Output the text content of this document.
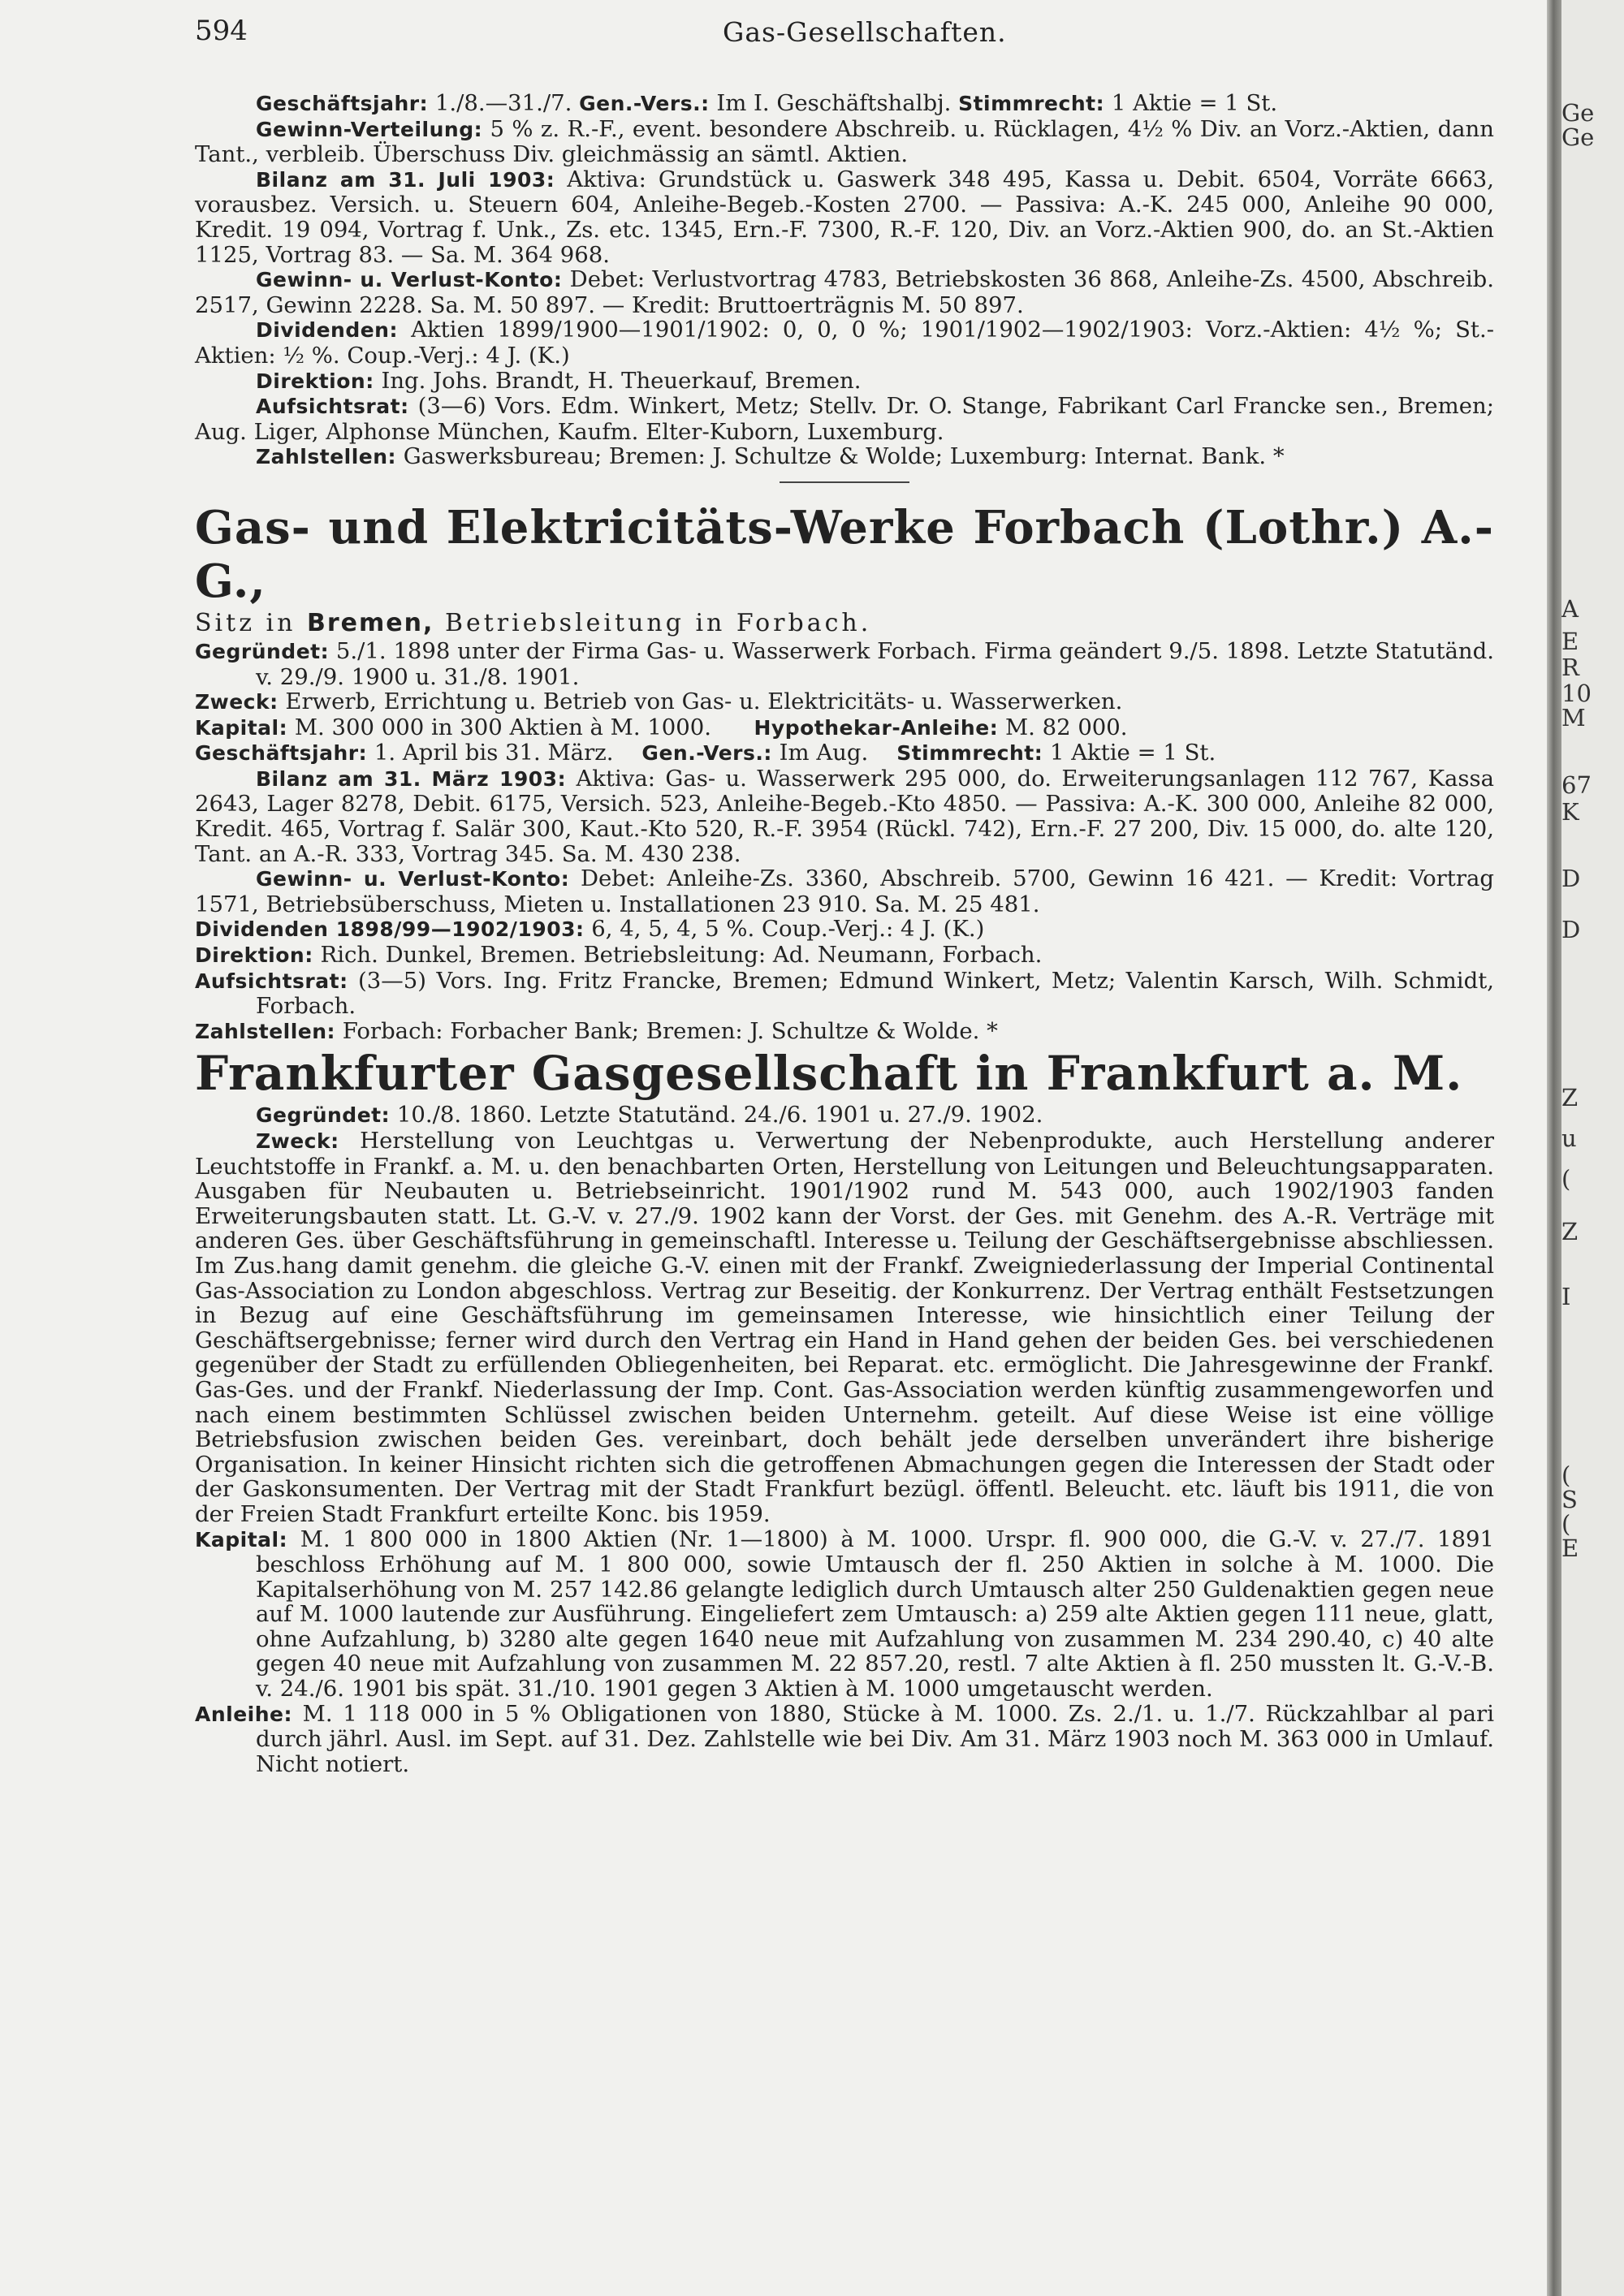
594	Gas-Gesellschaften.

Geschäftsjahr: 1./8.—31./7. Gen.-Vers.: Im I. Geschäftshalbj. Stimmrecht: 1 Aktie = 1 St.

Gewinn-Verteilung: 5 % z. R.-F., event. besondere Abschreib. u. Rücklagen, 4½ % Div. an Vorz.-Aktien, dann Tant., verbleib. Überschuss Div. gleichmässig an sämtl. Aktien.

Bilanz am 31. Juli 1903: Aktiva: Grundstück u. Gaswerk 348 495, Kassa u. Debit. 6504, Vorräte 6663, vorausbez. Versich. u. Steuern 604, Anleihe-Begeb.-Kosten 2700. — Passiva: A.-K. 245 000, Anleihe 90 000, Kredit. 19 094, Vortrag f. Unk., Zs. etc. 1345, Ern.-F. 7300, R.-F. 120, Div. an Vorz.-Aktien 900, do. an St.-Aktien 1125, Vortrag 83. — Sa. M. 364 968.

Gewinn- u. Verlust-Konto: Debet: Verlustvortrag 4783, Betriebskosten 36 868, Anleihe-Zs. 4500, Abschreib. 2517, Gewinn 2228. Sa. M. 50 897. — Kredit: Bruttoerträgnis M. 50 897.

Dividenden: Aktien 1899/1900—1901/1902: 0, 0, 0 %; 1901/1902—1902/1903: Vorz.-Aktien: 4½ %; St.-Aktien: ½ %. Coup.-Verj.: 4 J. (K.)

Direktion: Ing. Johs. Brandt, H. Theuerkauf, Bremen.

Aufsichtsrat: (3—6) Vors. Edm. Winkert, Metz; Stellv. Dr. O. Stange, Fabrikant Carl Francke sen., Bremen; Aug. Liger, Alphonse München, Kaufm. Elter-Kuborn, Luxemburg.

Zahlstellen: Gaswerksbureau; Bremen: J. Schultze & Wolde; Luxemburg: Internat. Bank. *

Gas- und Elektricitäts-Werke Forbach (Lothr.) A.-G.,

Sitz in Bremen, Betriebsleitung in Forbach.

Gegründet: 5./1. 1898 unter der Firma Gas- u. Wasserwerk Forbach. Firma geändert 9./5. 1898. Letzte Statutänd. v. 29./9. 1900 u. 31./8. 1901.

Zweck: Erwerb, Errichtung u. Betrieb von Gas- u. Elektricitäts- u. Wasserwerken.

Kapital: M. 300 000 in 300 Aktien à M. 1000. Hypothekar-Anleihe: M. 82 000.

Geschäftsjahr: 1. April bis 31. März. Gen.-Vers.: Im Aug. Stimmrecht: 1 Aktie = 1 St.

Bilanz am 31. März 1903: Aktiva: Gas- u. Wasserwerk 295 000, do. Erweiterungsanlagen 112 767, Kassa 2643, Lager 8278, Debit. 6175, Versich. 523, Anleihe-Begeb.-Kto 4850. — Passiva: A.-K. 300 000, Anleihe 82 000, Kredit. 465, Vortrag f. Salär 300, Kaut.-Kto 520, R.-F. 3954 (Rückl. 742), Ern.-F. 27 200, Div. 15 000, do. alte 120, Tant. an A.-R. 333, Vortrag 345. Sa. M. 430 238.

Gewinn- u. Verlust-Konto: Debet: Anleihe-Zs. 3360, Abschreib. 5700, Gewinn 16 421. — Kredit: Vortrag 1571, Betriebsüberschuss, Mieten u. Installationen 23 910. Sa. M. 25 481.

Dividenden 1898/99—1902/1903: 6, 4, 5, 4, 5 %. Coup.-Verj.: 4 J. (K.)

Direktion: Rich. Dunkel, Bremen. Betriebsleitung: Ad. Neumann, Forbach.

Aufsichtsrat: (3—5) Vors. Ing. Fritz Francke, Bremen; Edmund Winkert, Metz; Valentin Karsch, Wilh. Schmidt, Forbach.

Zahlstellen: Forbach: Forbacher Bank; Bremen: J. Schultze & Wolde. *

Frankfurter Gasgesellschaft in Frankfurt a. M.

Gegründet: 10./8. 1860. Letzte Statutänd. 24./6. 1901 u. 27./9. 1902.

Zweck: Herstellung von Leuchtgas u. Verwertung der Nebenprodukte, auch Herstellung anderer Leuchtstoffe in Frankf. a. M. u. den benachbarten Orten, Herstellung von Leitungen und Beleuchtungsapparaten. Ausgaben für Neubauten u. Betriebseinricht. 1901/1902 rund M. 543 000, auch 1902/1903 fanden Erweiterungsbauten statt. Lt. G.-V. v. 27./9. 1902 kann der Vorst. der Ges. mit Genehm. des A.-R. Verträge mit anderen Ges. über Geschäftsführung in gemeinschaftl. Interesse u. Teilung der Geschäftsergebnisse abschliessen. Im Zus.hang damit genehm. die gleiche G.-V. einen mit der Frankf. Zweigniederlassung der Imperial Continental Gas-Association zu London abgeschloss. Vertrag zur Beseitig. der Konkurrenz. Der Vertrag enthält Festsetzungen in Bezug auf eine Geschäftsführung im gemeinsamen Interesse, wie hinsichtlich einer Teilung der Geschäftsergebnisse; ferner wird durch den Vertrag ein Hand in Hand gehen der beiden Ges. bei verschiedenen gegenüber der Stadt zu erfüllenden Obliegenheiten, bei Reparat. etc. ermöglicht. Die Jahresgewinne der Frankf. Gas-Ges. und der Frankf. Niederlassung der Imp. Cont. Gas-Association werden künftig zusammengeworfen und nach einem bestimmten Schlüssel zwischen beiden Unternehm. geteilt. Auf diese Weise ist eine völlige Betriebsfusion zwischen beiden Ges. vereinbart, doch behält jede derselben unverändert ihre bisherige Organisation. In keiner Hinsicht richten sich die getroffenen Abmachungen gegen die Interessen der Stadt oder der Gaskonsumenten. Der Vertrag mit der Stadt Frankfurt bezügl. öffentl. Beleucht. etc. läuft bis 1911, die von der Freien Stadt Frankfurt erteilte Konc. bis 1959.

Kapital: M. 1 800 000 in 1800 Aktien (Nr. 1—1800) à M. 1000. Urspr. fl. 900 000, die G.-V. v. 27./7. 1891 beschloss Erhöhung auf M. 1 800 000, sowie Umtausch der fl. 250 Aktien in solche à M. 1000. Die Kapitalserhöhung von M. 257 142.86 gelangte lediglich durch Umtausch alter 250 Guldenaktien gegen neue auf M. 1000 lautende zur Ausführung. Eingeliefert zem Umtausch: a) 259 alte Aktien gegen 111 neue, glatt, ohne Aufzahlung, b) 3280 alte gegen 1640 neue mit Aufzahlung von zusammen M. 234 290.40, c) 40 alte gegen 40 neue mit Aufzahlung von zusammen M. 22 857.20, restl. 7 alte Aktien à fl. 250 mussten lt. G.-V.-B. v. 24./6. 1901 bis spät. 31./10. 1901 gegen 3 Aktien à M. 1000 umgetauscht werden.

Anleihe: M. 1 118 000 in 5 % Obligationen von 1880, Stücke à M. 1000. Zs. 2./1. u. 1./7. Rückzahlbar al pari durch jährl. Ausl. im Sept. auf 31. Dez. Zahlstelle wie bei Div. Am 31. März 1903 noch M. 363 000 in Umlauf. Nicht notiert.

Ge
Ge
A
E
R
10
M
67
K
D
D
Z
u
(
Z
I
(
S
(
E
